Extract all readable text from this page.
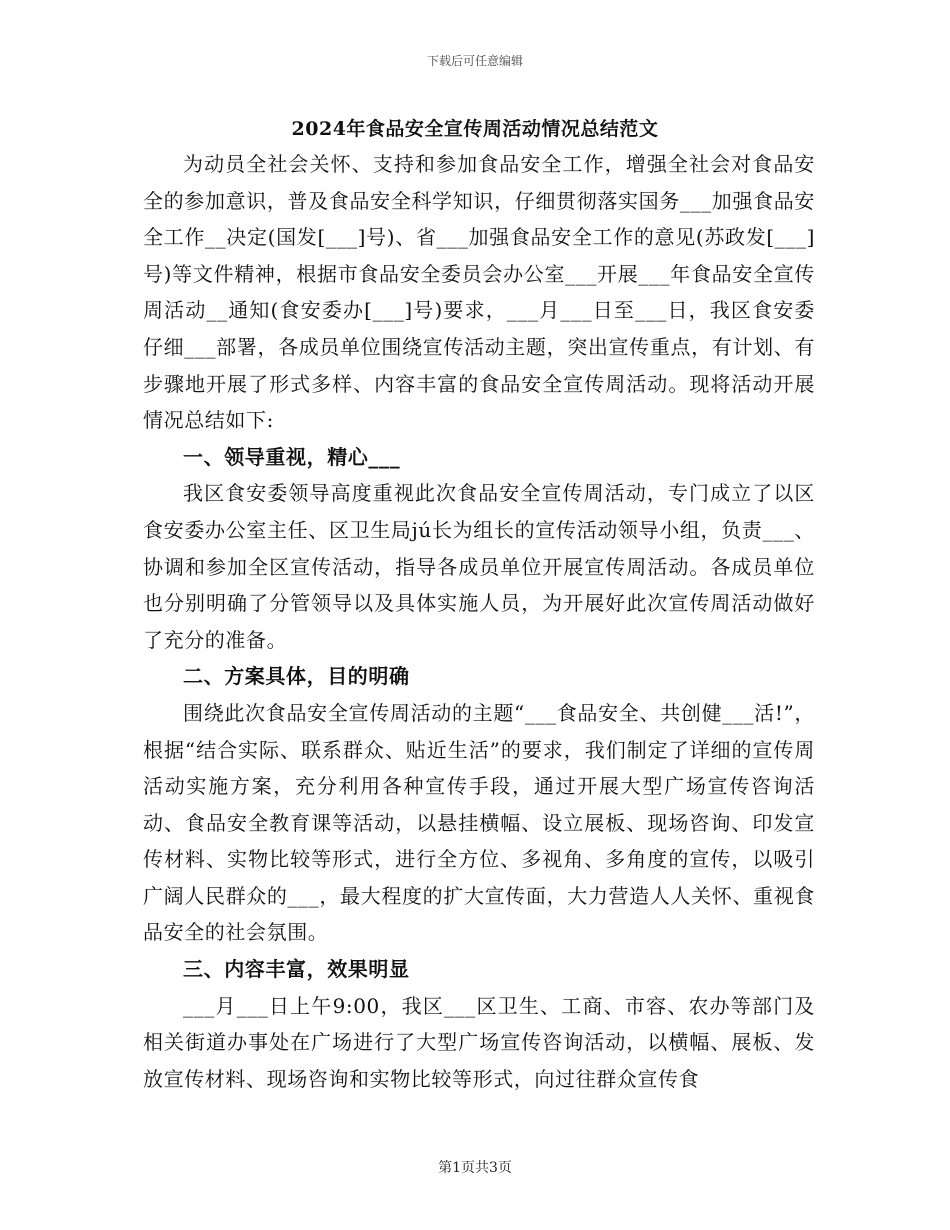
下载后可任意编辑
2024年食品安全宣传周活动情况总结范文

为动员全社会关怀、支持和参加食品安全工作，增强全社会对食品安全的参加意识，普及食品安全科学知识，仔细贯彻落实国务___加强食品安全工作__决定(国发[___]号)、省___加强食品安全工作的意见(苏政发[___]号)等文件精神，根据市食品安全委员会办公室___开展___年食品安全宣传周活动__通知(食安委办[___]号)要求，___月___日至___日，我区食安委仔细___部署，各成员单位围绕宣传活动主题，突出宣传重点，有计划、有步骤地开展了形式多样、内容丰富的食品安全宣传周活动。现将活动开展情况总结如下:

一、领导重视，精心___

我区食安委领导高度重视此次食品安全宣传周活动，专门成立了以区食安委办公室主任、区卫生局jú长为组长的宣传活动领导小组，负责___、协调和参加全区宣传活动，指导各成员单位开展宣传周活动。各成员单位也分别明确了分管领导以及具体实施人员，为开展好此次宣传周活动做好了充分的准备。

二、方案具体，目的明确

围绕此次食品安全宣传周活动的主题“___食品安全、共创健___活!”，根据“结合实际、联系群众、贴近生活”的要求，我们制定了详细的宣传周活动实施方案，充分利用各种宣传手段，通过开展大型广场宣传咨询活动、食品安全教育课等活动，以悬挂横幅、设立展板、现场咨询、印发宣传材料、实物比较等形式，进行全方位、多视角、多角度的宣传，以吸引广阔人民群众的___，最大程度的扩大宣传面，大力营造人人关怀、重视食品安全的社会氛围。

三、内容丰富，效果明显

___月___日上午9:00，我区___区卫生、工商、市容、农办等部门及相关街道办事处在广场进行了大型广场宣传咨询活动，以横幅、展板、发放宣传材料、现场咨询和实物比较等形式，向过往群众宣传食

第1页共3页
